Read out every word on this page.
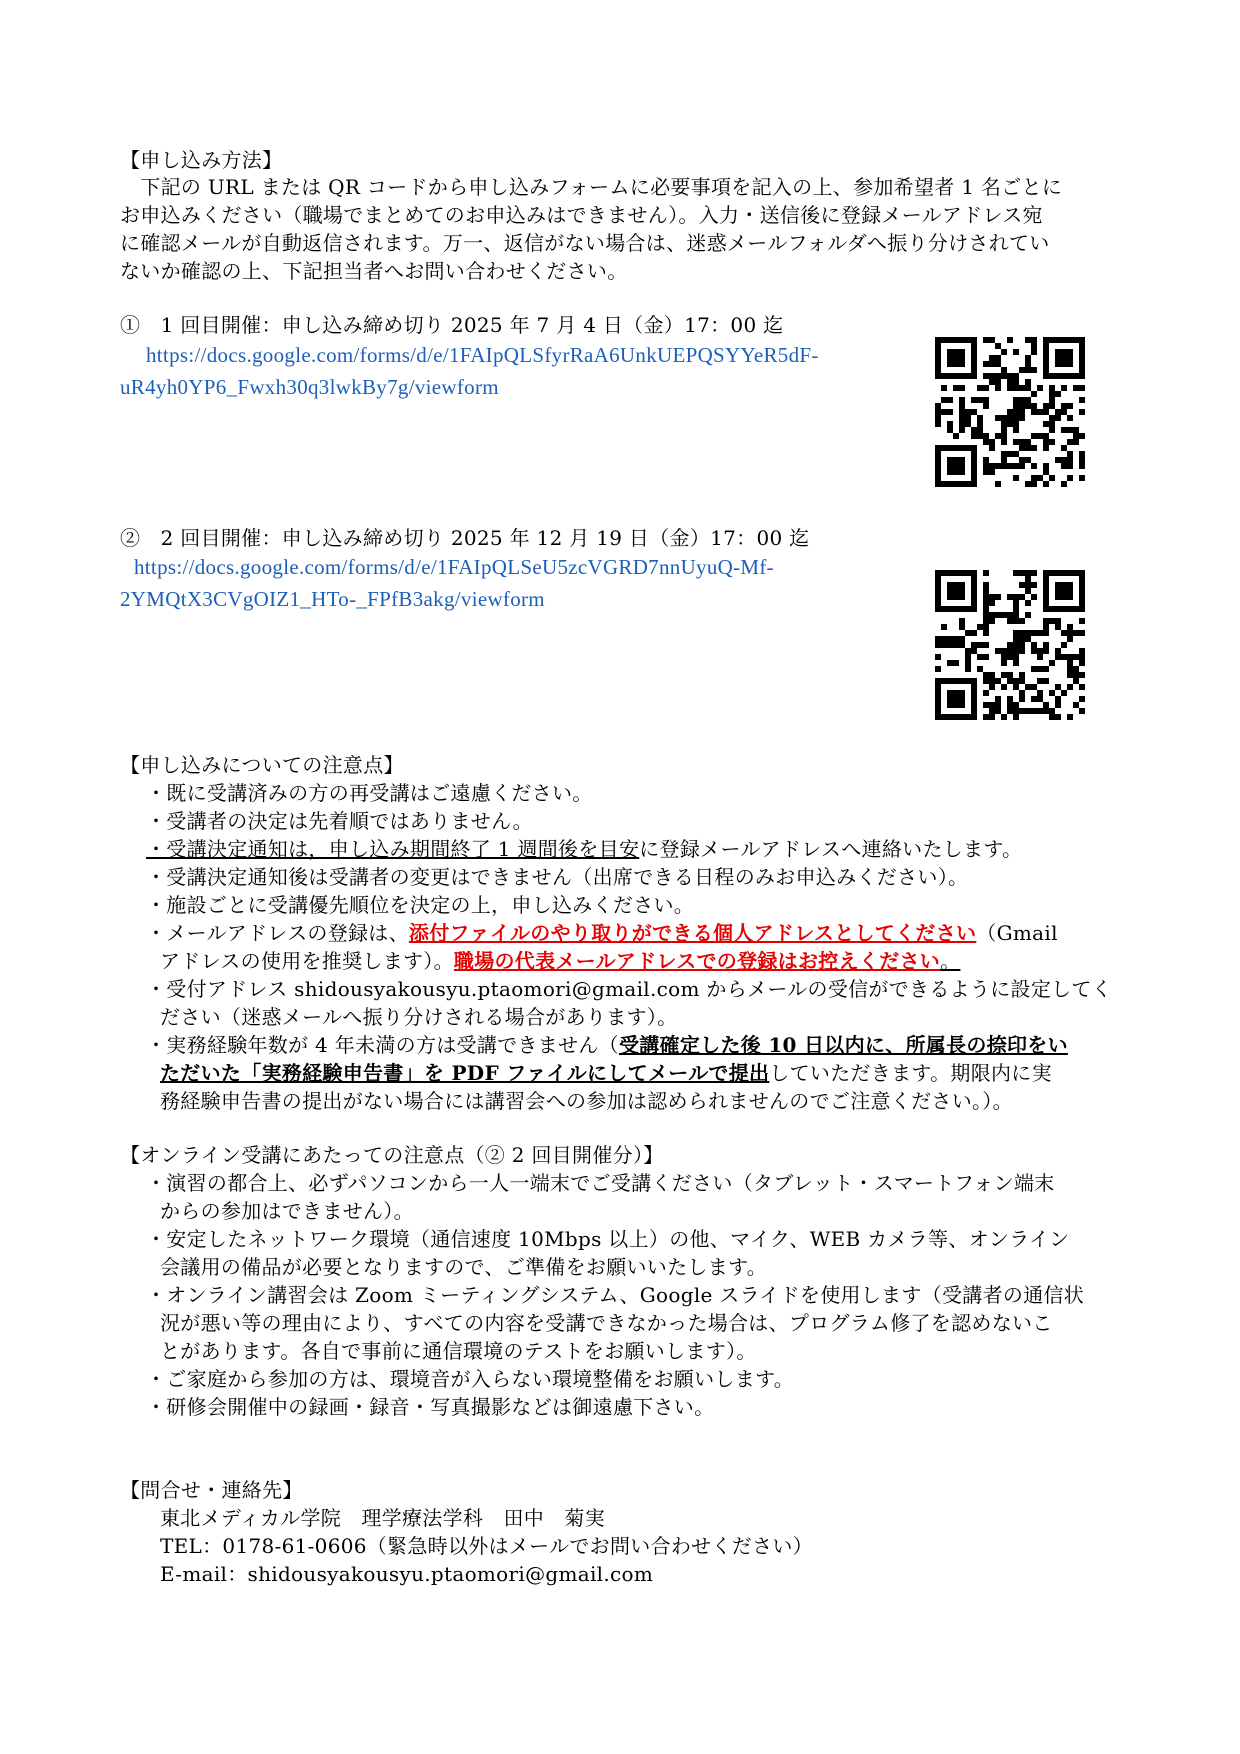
【申し込み方法】
　下記の URL または QR コードから申し込みフォームに必要事項を記入の上、参加希望者 1 名ごとに
お申込みください（職場でまとめてのお申込みはできません）。入力・送信後に登録メールアドレス宛
に確認メールが自動返信されます。万一、返信がない場合は、迷惑メールフォルダへ振り分けされてい
ないか確認の上、下記担当者へお問い合わせください。
①　1 回目開催：申し込み締め切り 2025 年 7 月 4 日（金）17：00 迄
https://docs.google.com/forms/d/e/1FAIpQLSfyrRaA6UnkUEPQSYYeR5dF-
uR4yh0YP6_Fwxh30q3lwkBy7g/viewform
②　2 回目開催：申し込み締め切り 2025 年 12 月 19 日（金）17：00 迄
https://docs.google.com/forms/d/e/1FAIpQLSeU5zcVGRD7nnUyuQ-Mf-
2YMQtX3CVgOIZ1_HTo-_FPfB3akg/viewform
【申し込みについての注意点】
・既に受講済みの方の再受講はご遠慮ください。
・受講者の決定は先着順ではありません。
・受講決定通知は，申し込み期間終了 1 週間後を目安に登録メールアドレスへ連絡いたします。
・受講決定通知後は受講者の変更はできません（出席できる日程のみお申込みください）。
・施設ごとに受講優先順位を決定の上，申し込みください。
・メールアドレスの登録は、添付ファイルのやり取りができる個人アドレスとしてください（Gmail
アドレスの使用を推奨します）。職場の代表メールアドレスでの登録はお控えください。
・受付アドレス shidousyakousyu.ptaomori@gmail.com からメールの受信ができるように設定してく
ださい（迷惑メールへ振り分けされる場合があります）。
・実務経験年数が 4 年未満の方は受講できません（受講確定した後 10 日以内に、所属長の捺印をい
ただいた「実務経験申告書」を PDF ファイルにしてメールで提出していただきます。期限内に実
務経験申告書の提出がない場合には講習会への参加は認められませんのでご注意ください。）。
【オンライン受講にあたっての注意点（② 2 回目開催分）】
・演習の都合上、必ずパソコンから一人一端末でご受講ください（タブレット・スマートフォン端末
からの参加はできません）。
・安定したネットワーク環境（通信速度 10Mbps 以上）の他、マイク、WEB カメラ等、オンライン
会議用の備品が必要となりますので、ご準備をお願いいたします。
・オンライン講習会は Zoom ミーティングシステム、Google スライドを使用します（受講者の通信状
況が悪い等の理由により、すべての内容を受講できなかった場合は、プログラム修了を認めないこ
とがあります。各自で事前に通信環境のテストをお願いします）。
・ご家庭から参加の方は、環境音が入らない環境整備をお願いします。
・研修会開催中の録画・録音・写真撮影などは御遠慮下さい。
【問合せ・連絡先】
東北メディカル学院　理学療法学科　田中　菊実
TEL：0178-61-0606（緊急時以外はメールでお問い合わせください）
E-mail：shidousyakousyu.ptaomori@gmail.com
